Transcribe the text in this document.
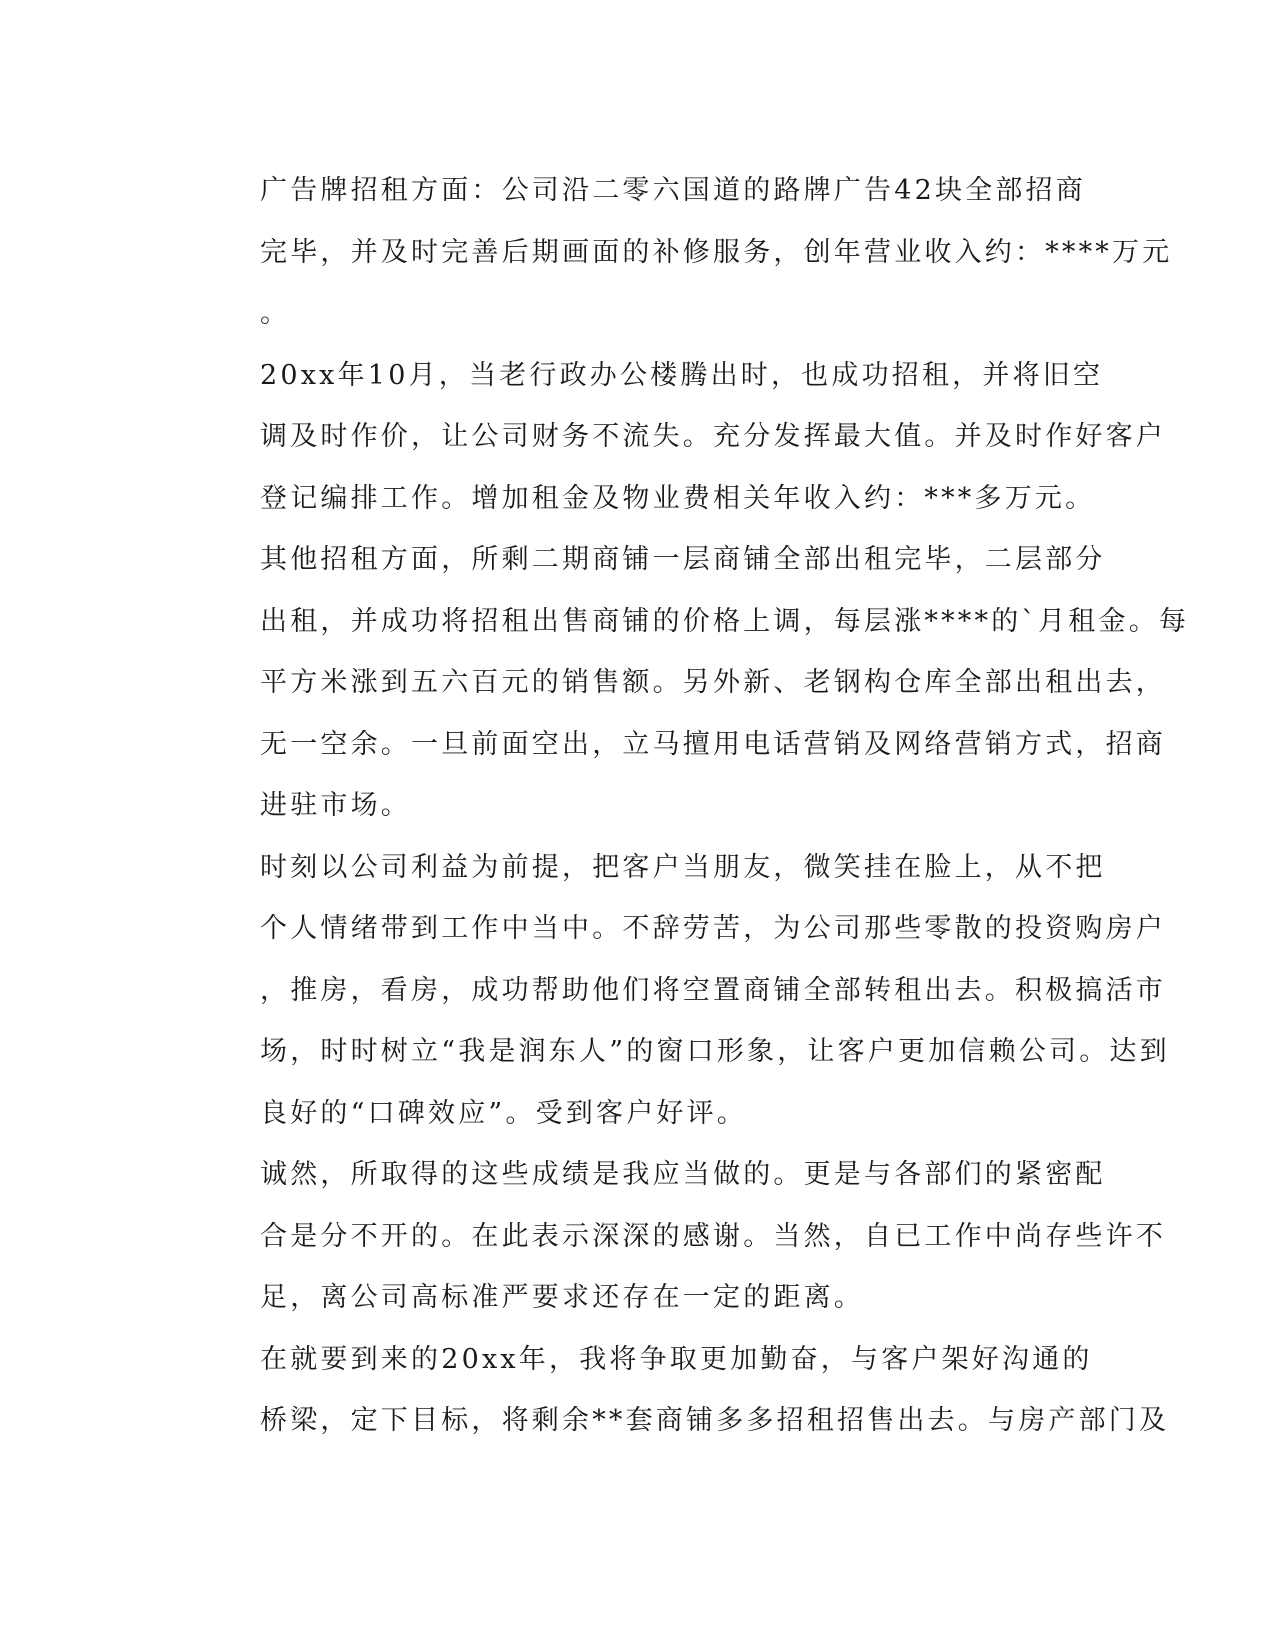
广告牌招租方面：公司沿二零六国道的路牌广告42块全部招商
完毕，并及时完善后期画面的补修服务，创年营业收入约：****万元
。

20xx年10月，当老行政办公楼腾出时，也成功招租，并将旧空
调及时作价，让公司财务不流失。充分发挥最大值。并及时作好客户
登记编排工作。增加租金及物业费相关年收入约：***多万元。

其他招租方面，所剩二期商铺一层商铺全部出租完毕，二层部分
出租，并成功将招租出售商铺的价格上调，每层涨****的`月租金。每
平方米涨到五六百元的销售额。另外新、老钢构仓库全部出租出去，
无一空余。一旦前面空出，立马擅用电话营销及网络营销方式，招商
进驻市场。

时刻以公司利益为前提，把客户当朋友，微笑挂在脸上，从不把
个人情绪带到工作中当中。不辞劳苦，为公司那些零散的投资购房户
，推房，看房，成功帮助他们将空置商铺全部转租出去。积极搞活市
场，时时树立“我是润东人”的窗口形象，让客户更加信赖公司。达到
良好的“口碑效应”。受到客户好评。

诚然，所取得的这些成绩是我应当做的。更是与各部们的紧密配
合是分不开的。在此表示深深的感谢。当然，自已工作中尚存些许不
足，离公司高标准严要求还存在一定的距离。

在就要到来的20xx年，我将争取更加勤奋，与客户架好沟通的
桥梁，定下目标，将剩余**套商铺多多招租招售出去。与房产部门及
